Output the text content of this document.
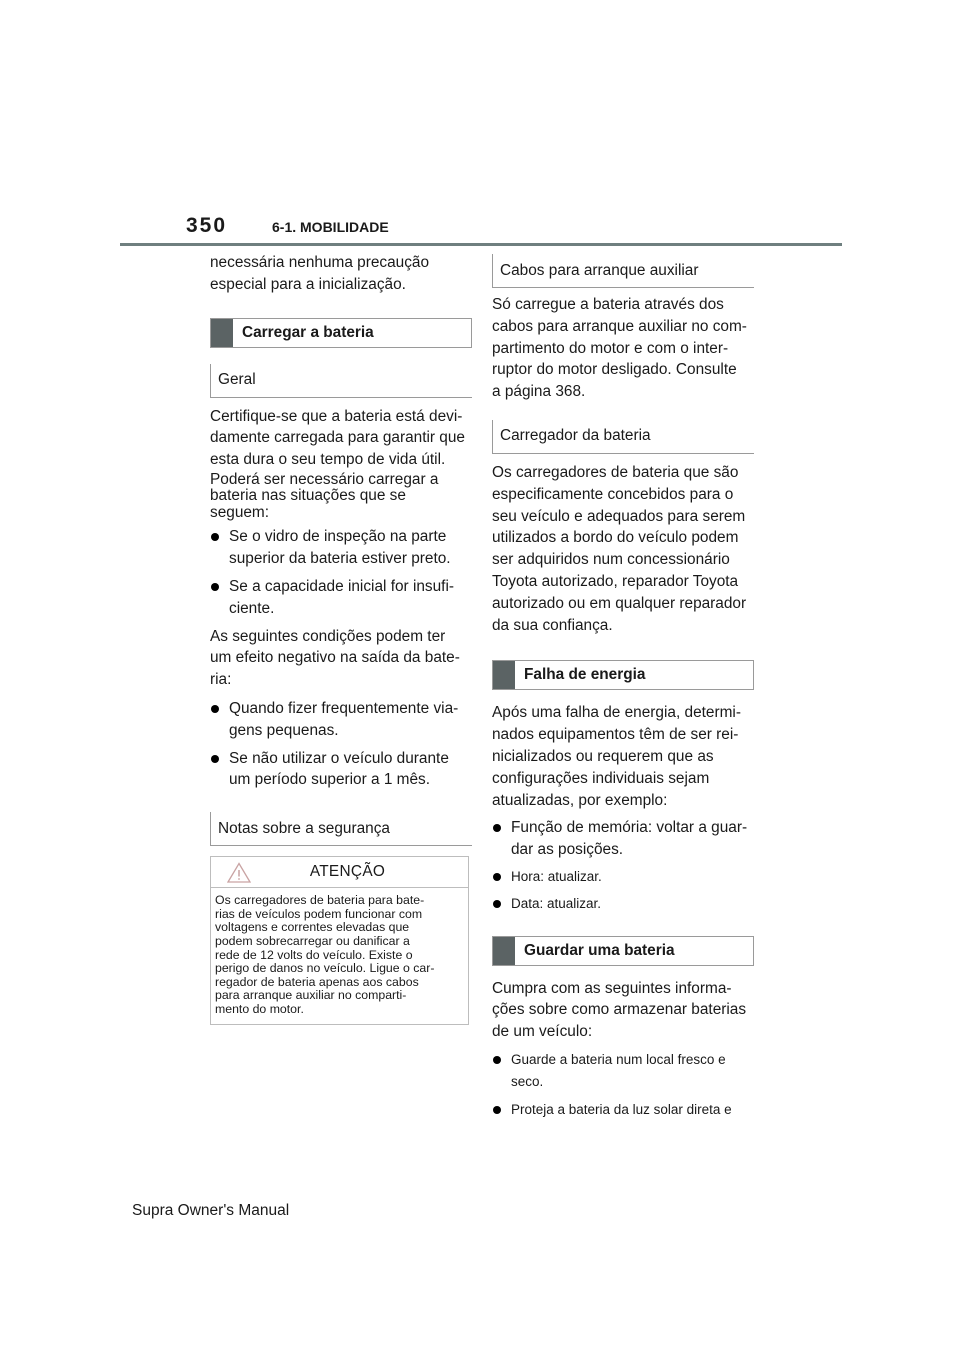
350	6-1. MOBILIDADE

necessária nenhuma precaução
especial para a inicialização.

Carregar a bateria
Geral

Certifique-se que a bateria está devi-
damente carregada para garantir que
esta dura o seu tempo de vida útil.

Poderá ser necessário carregar a
bateria nas situações que se
seguem:

Se o vidro de inspeção na parte
superior da bateria estiver preto.
Se a capacidade inicial for insufi-
ciente.

As seguintes condições podem ter
um efeito negativo na saída da bate-
ria:

Quando fizer frequentemente via-
gens pequenas.
Se não utilizar o veículo durante
um período superior a 1 mês.
Notas sobre a segurança
ATENÇÃO
Os carregadores de bateria para bate-
rias de veículos podem funcionar com
voltagens e correntes elevadas que
podem sobrecarregar ou danificar a
rede de 12 volts do veículo. Existe o
perigo de danos no veículo. Ligue o car-
regador de bateria apenas aos cabos
para arranque auxiliar no comparti-
mento do motor.
Cabos para arranque auxiliar

Só carregue a bateria através dos
cabos para arranque auxiliar no com-
partimento do motor e com o inter-
ruptor do motor desligado. Consulte
a página 368.

Carregador da bateria

Os carregadores de bateria que são
especificamente concebidos para o
seu veículo e adequados para serem
utilizados a bordo do veículo podem
ser adquiridos num concessionário
Toyota autorizado, reparador Toyota
autorizado ou em qualquer reparador
da sua confiança.

Falha de energia

Após uma falha de energia, determi-
nados equipamentos têm de ser rei-
nicializados ou requerem que as
configurações individuais sejam
atualizadas, por exemplo:

Função de memória: voltar a guar-
dar as posições.
Hora: atualizar.
Data: atualizar.
Guardar uma bateria

Cumpra com as seguintes informa-
ções sobre como armazenar baterias
de um veículo:

Guarde a bateria num local fresco e
seco.
Proteja a bateria da luz solar direta e
Supra Owner's Manual
